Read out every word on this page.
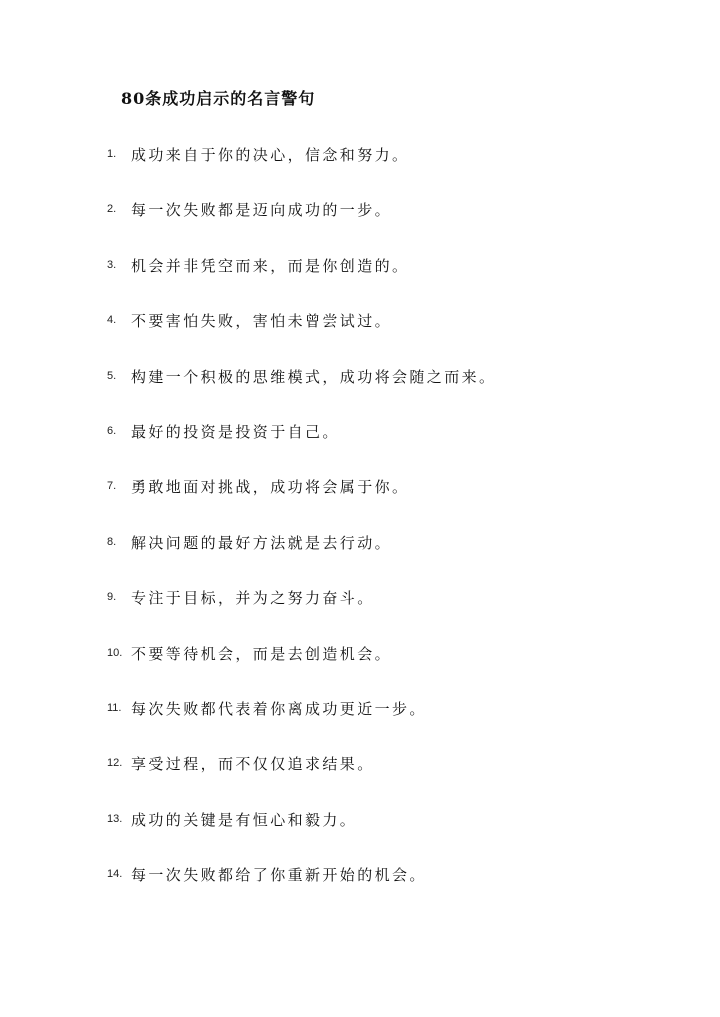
80条成功启示的名言警句
1. 成功来自于你的决心，信念和努力。
2. 每一次失败都是迈向成功的一步。
3. 机会并非凭空而来，而是你创造的。
4. 不要害怕失败，害怕未曾尝试过。
5. 构建一个积极的思维模式，成功将会随之而来。
6. 最好的投资是投资于自己。
7. 勇敢地面对挑战，成功将会属于你。
8. 解决问题的最好方法就是去行动。
9. 专注于目标，并为之努力奋斗。
10. 不要等待机会，而是去创造机会。
11. 每次失败都代表着你离成功更近一步。
12. 享受过程，而不仅仅追求结果。
13. 成功的关键是有恒心和毅力。
14. 每一次失败都给了你重新开始的机会。
